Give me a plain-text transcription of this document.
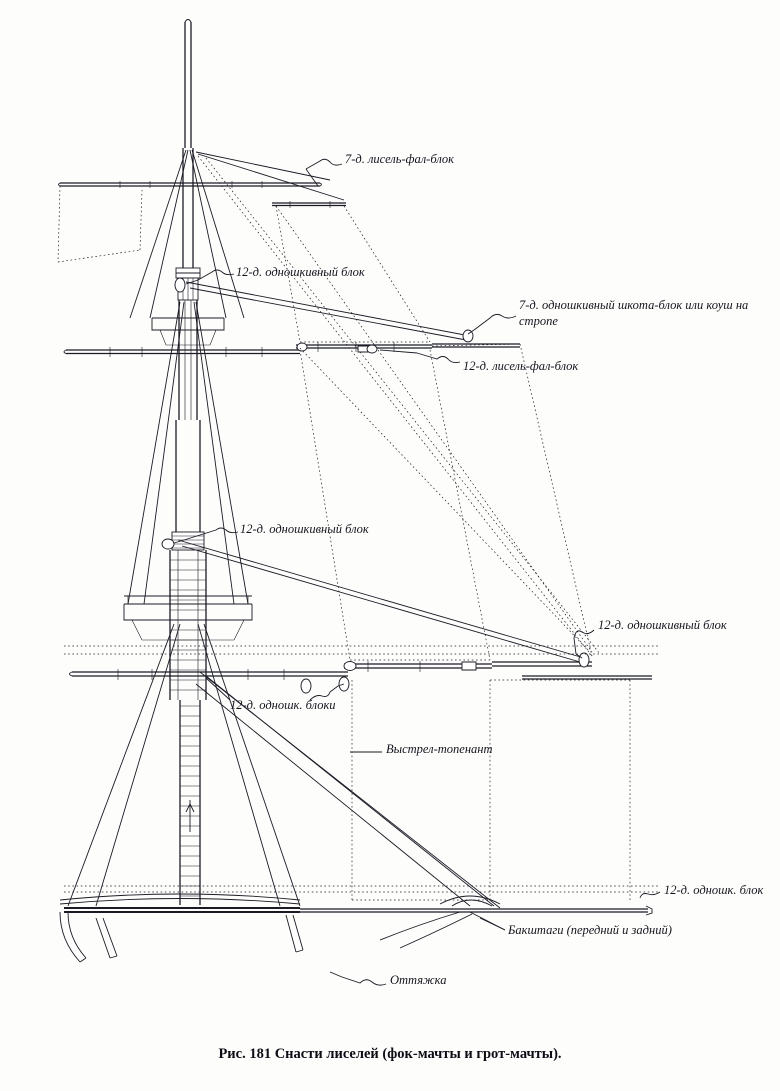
7-д. лисель-фал-блок
12-д. одношкивный блок
7-д. одношкивный шкота-блок или коуш на стропе
12-д. лисель-фал-блок
12-д. одношкивный блок
12-д. одношкивный блок
12-д. одношк. блоки
Выстрел-топенант
12-д. одношк. блок
Бакштаги (передний и задний)
Оттяжка
Рис. 181 Снасти лиселей (фок-мачты и грот-мачты).
